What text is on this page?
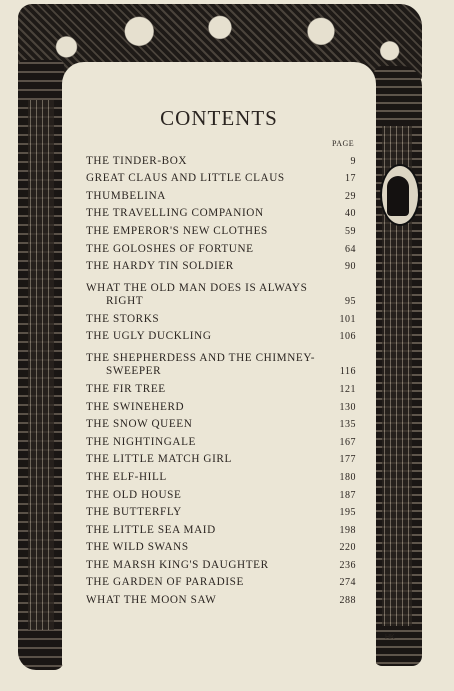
HK
CONTENTS
PAGE
THE TINDER-BOX	9
GREAT CLAUS AND LITTLE CLAUS	17
THUMBELINA	29
THE TRAVELLING COMPANION	40
THE EMPEROR'S NEW CLOTHES	59
THE GOLOSHES OF FORTUNE	64
THE HARDY TIN SOLDIER	90
WHAT THE OLD MAN DOES IS ALWAYS
RIGHT	95
THE STORKS	101
THE UGLY DUCKLING	106
THE SHEPHERDESS AND THE CHIMNEY-
SWEEPER	116
THE FIR TREE	121
THE SWINEHERD	130
THE SNOW QUEEN	135
THE NIGHTINGALE	167
THE LITTLE MATCH GIRL	177
THE ELF-HILL	180
THE OLD HOUSE	187
THE BUTTERFLY	195
THE LITTLE SEA MAID	198
THE WILD SWANS	220
THE MARSH KING'S DAUGHTER	236
THE GARDEN OF PARADISE	274
WHAT THE MOON SAW	288
